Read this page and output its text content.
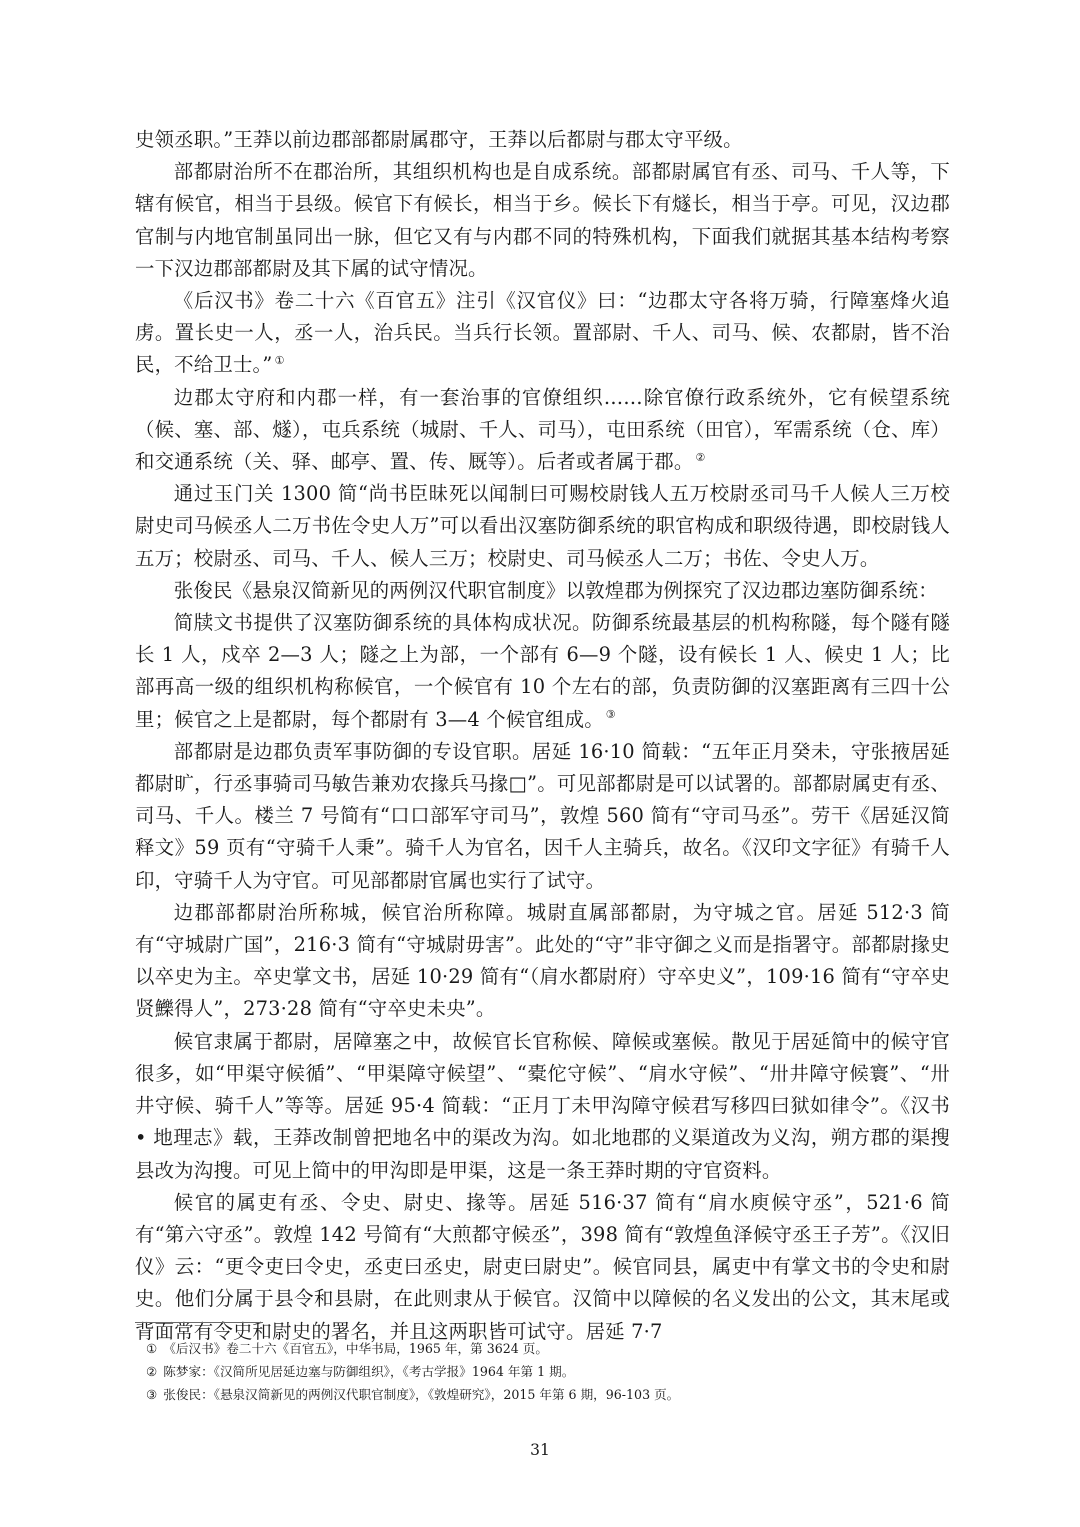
史领丞职。”王莽以前边郡部都尉属郡守，王莽以后都尉与郡太守平级。

部都尉治所不在郡治所，其组织机构也是自成系统。部都尉属官有丞、司马、千人等，下辖有候官，相当于县级。候官下有候长，相当于乡。候长下有燧长，相当于亭。可见，汉边郡官制与内地官制虽同出一脉，但它又有与内郡不同的特殊机构，下面我们就据其基本结构考察一下汉边郡部都尉及其下属的试守情况。

《后汉书》卷二十六《百官五》注引《汉官仪》曰：“边郡太守各将万骑，行障塞烽火追虏。置长史一人，丞一人，治兵民。当兵行长领。置部尉、千人、司马、候、农都尉，皆不治民，不给卫士。” ①

边郡太守府和内郡一样，有一套治事的官僚组织……除官僚行政系统外，它有候望系统（候、塞、部、燧），屯兵系统（城尉、千人、司马），屯田系统（田官），军需系统（仓、库）和交通系统（关、驿、邮亭、置、传、厩等）。后者或者属于郡。 ②

通过玉门关 1300 简“尚书臣昧死以闻制曰可赐校尉钱人五万校尉丞司马千人候人三万校尉史司马候丞人二万书佐令史人万”可以看出汉塞防御系统的职官构成和职级待遇，即校尉钱人五万；校尉丞、司马、千人、候人三万；校尉史、司马候丞人二万；书佐、令史人万。

张俊民《悬泉汉简新见的两例汉代职官制度》以敦煌郡为例探究了汉边郡边塞防御系统：

简牍文书提供了汉塞防御系统的具体构成状况。防御系统最基层的机构称隧，每个隧有隧长 1 人，戍卒 2—3 人；隧之上为部，一个部有 6—9 个隧，设有候长 1 人、候史 1 人；比部再高一级的组织机构称候官，一个候官有 10 个左右的部，负责防御的汉塞距离有三四十公里；候官之上是都尉，每个都尉有 3—4 个候官组成。 ③

部都尉是边郡负责军事防御的专设官职。居延 16·10 简载：“五年正月癸未，守张掖居延都尉旷，行丞事骑司马敏告兼劝农掾兵马掾□”。可见部都尉是可以试署的。部都尉属吏有丞、司马、千人。楼兰 7 号简有“口口部军守司马”，敦煌 560 简有“守司马丞”。劳干《居延汉简释文》59 页有“守骑千人秉”。骑千人为官名，因千人主骑兵，故名。《汉印文字征》有骑千人印，守骑千人为守官。可见部都尉官属也实行了试守。

边郡部都尉治所称城，候官治所称障。城尉直属部都尉，为守城之官。居延 512·3 简有“守城尉广国”，216·3 简有“守城尉毋害”。此处的“守”非守御之义而是指署守。部都尉掾史以卒史为主。卒史掌文书，居延 10·29 简有“（肩水都尉府）守卒史义”，109·16 简有“守卒史贤鱳得人”，273·28 简有“守卒史未央”。

候官隶属于都尉，居障塞之中，故候官长官称候、障候或塞候。散见于居延简中的候守官很多，如“甲渠守候循”、“甲渠障守候望”、“橐佗守候”、“肩水守候”、“卅井障守候寰”、“卅井守候、骑千人”等等。居延 95·4 简载：“正月丁未甲沟障守候君写移四曰狱如律令”。《汉书 • 地理志》载，王莽改制曾把地名中的渠改为沟。如北地郡的义渠道改为义沟，朔方郡的渠搜县改为沟搜。可见上简中的甲沟即是甲渠，这是一条王莽时期的守官资料。

候官的属吏有丞、令史、尉史、掾等。居延 516·37 简有“肩水庾候守丞”，521·6 简有“第六守丞”。敦煌 142 号简有“大煎都守候丞”，398 简有“敦煌鱼泽候守丞王子芳”。《汉旧仪》云：“更令吏曰令史，丞吏曰丞史，尉吏曰尉史”。候官同县，属吏中有掌文书的令史和尉史。他们分属于县令和县尉，在此则隶从于候官。汉简中以障候的名义发出的公文，其末尾或背面常有令史和尉史的署名，并且这两职皆可试守。居延 7·7

① 《后汉书》卷二十六《百官五》，中华书局，1965 年，第 3624 页。
② 陈梦家：《汉简所见居延边塞与防御组织》，《考古学报》1964 年第 1 期。
③ 张俊民：《悬泉汉简新见的两例汉代职官制度》，《敦煌研究》，2015 年第 6 期，96-103 页。
31
